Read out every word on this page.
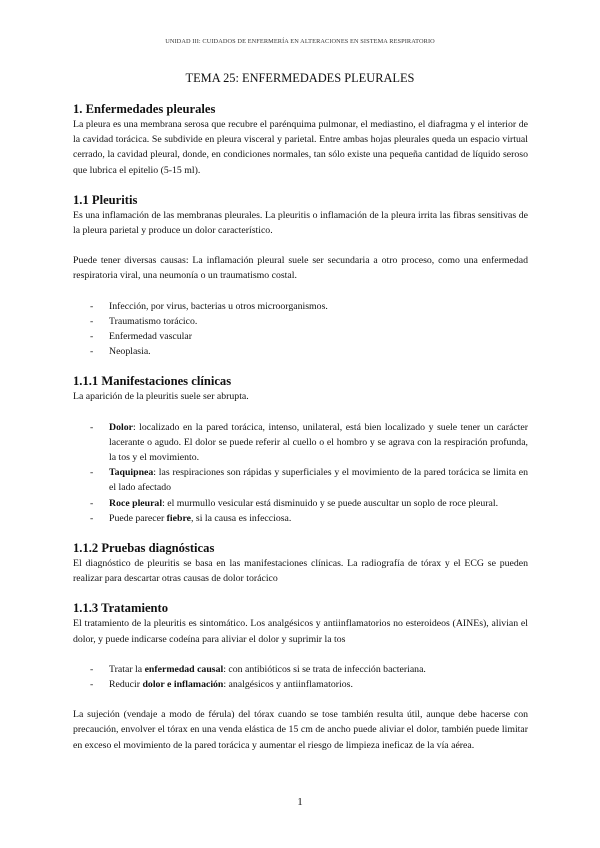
UNIDAD III: CUIDADOS DE ENFERMERÍA EN ALTERACIONES EN SISTEMA RESPIRATORIO
TEMA 25: ENFERMEDADES PLEURALES
1. Enfermedades pleurales

La pleura es una membrana serosa que recubre el parénquima pulmonar, el mediastino, el diafragma y el interior de la cavidad torácica. Se subdivide en pleura visceral y parietal. Entre ambas hojas pleurales queda un espacio virtual cerrado, la cavidad pleural, donde, en condiciones normales, tan sólo existe una pequeña cantidad de líquido seroso que lubrica el epitelio (5-15 ml).

1.1 Pleuritis

Es una inflamación de las membranas pleurales. La pleuritis o inflamación de la pleura irrita las fibras sensitivas de la pleura parietal y produce un dolor característico.

Puede tener diversas causas: La inflamación pleural suele ser secundaria a otro proceso, como una enfermedad respiratoria viral, una neumonía o un traumatismo costal.

- Infección, por virus, bacterias u otros microorganismos.
- Traumatismo torácico.
- Enfermedad vascular
- Neoplasia.
1.1.1 Manifestaciones clínicas

La aparición de la pleuritis suele ser abrupta.

- Dolor: localizado en la pared torácica, intenso, unilateral, está bien localizado y suele tener un carácter lacerante o agudo. El dolor se puede referir al cuello o el hombro y se agrava con la respiración profunda, la tos y el movimiento.
- Taquipnea: las respiraciones son rápidas y superficiales y el movimiento de la pared torácica se limita en el lado afectado
- Roce pleural: el murmullo vesicular está disminuido y se puede auscultar un soplo de roce pleural.
- Puede parecer fiebre, si la causa es infecciosa.
1.1.2 Pruebas diagnósticas

El diagnóstico de pleuritis se basa en las manifestaciones clínicas. La radiografía de tórax y el ECG se pueden realizar para descartar otras causas de dolor torácico

1.1.3 Tratamiento

El tratamiento de la pleuritis es sintomático. Los analgésicos y antiinflamatorios no esteroideos (AINEs), alivian el dolor, y puede indicarse codeína para aliviar el dolor y suprimir la tos

- Tratar la enfermedad causal: con antibióticos si se trata de infección bacteriana.
- Reducir dolor e inflamación: analgésicos y antiinflamatorios.

La sujeción (vendaje a modo de férula) del tórax cuando se tose también resulta útil, aunque debe hacerse con precaución, envolver el tórax en una venda elástica de 15 cm de ancho puede aliviar el dolor, también puede limitar en exceso el movimiento de la pared torácica y aumentar el riesgo de limpieza ineficaz de la vía aérea.

1
